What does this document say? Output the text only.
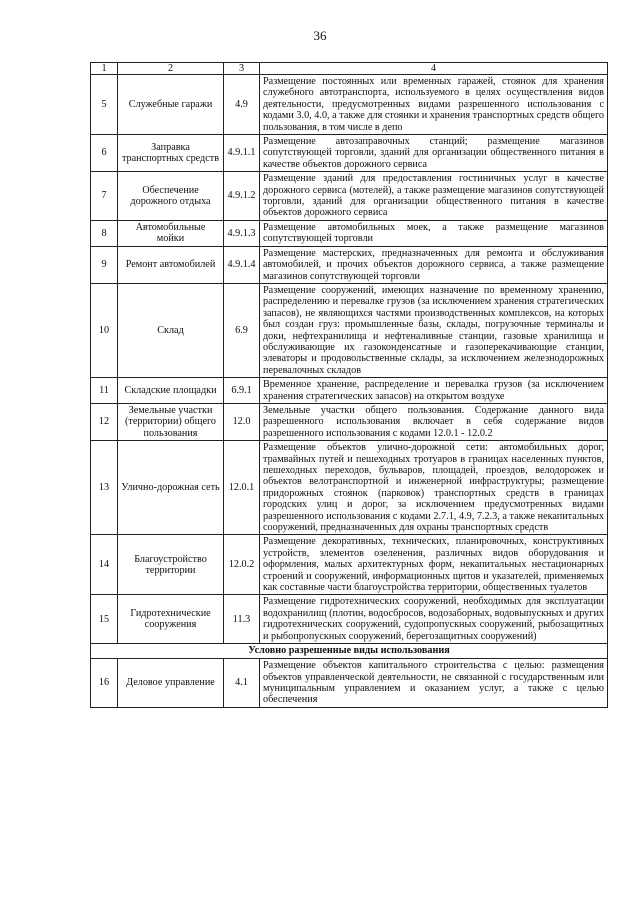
36
1	2	3	4
5	Служебные гаражи	4.9	Размещение постоянных или временных гаражей, стоянок для хранения служебного автотранспорта, используемого в целях осуществления видов деятельности, предусмотренных видами разрешенного использования с кодами 3.0, 4.0, а также для стоянки и хранения транспортных средств общего пользования, в том числе в депо
6	Заправка транспортных средств	4.9.1.1	Размещение автозаправочных станций; размещение магазинов сопутствующей торговли, зданий для организации общественного питания в качестве объектов дорожного сервиса
7	Обеспечение дорожного отдыха	4.9.1.2	Размещение зданий для предоставления гостиничных услуг в качестве дорожного сервиса (мотелей), а также размещение магазинов сопутствующей торговли, зданий для организации общественного питания в качестве объектов дорожного сервиса
8	Автомобильные мойки	4.9.1.3	Размещение автомобильных моек, а также размещение магазинов сопутствующей торговли
9	Ремонт автомобилей	4.9.1.4	Размещение мастерских, предназначенных для ремонта и обслуживания автомобилей, и прочих объектов дорожного сервиса, а также размещение магазинов сопутствующей торговли
10	Склад	6.9	Размещение сооружений, имеющих назначение по временному хранению, распределению и перевалке грузов (за исключением хранения стратегических запасов), не являющихся частями производственных комплексов, на которых был создан груз: промышленные базы, склады, погрузочные терминалы и доки, нефтехранилища и нефтеналивные станции, газовые хранилища и обслуживающие их газоконденсатные и газоперекачивающие станции, элеваторы и продовольственные склады, за исключением железнодорожных перевалочных складов
11	Складские площадки	6.9.1	Временное хранение, распределение и перевалка грузов (за исключением хранения стратегических запасов) на открытом воздухе
12	Земельные участки (территории) общего пользования	12.0	Земельные участки общего пользования. Содержание данного вида разрешенного использования включает в себя содержание видов разрешенного использования с кодами 12.0.1 - 12.0.2
13	Улично-дорожная сеть	12.0.1	Размещение объектов улично-дорожной сети: автомобильных дорог, трамвайных путей и пешеходных тротуаров в границах населенных пунктов, пешеходных переходов, бульваров, площадей, проездов, велодорожек и объектов велотранспортной и инженерной инфраструктуры; размещение придорожных стоянок (парковок) транспортных средств в границах городских улиц и дорог, за исключением предусмотренных видами разрешенного использования с кодами 2.7.1, 4.9, 7.2.3, а также некапитальных сооружений, предназначенных для охраны транспортных средств
14	Благоустройство территории	12.0.2	Размещение декоративных, технических, планировочных, конструктивных устройств, элементов озеленения, различных видов оборудования и оформления, малых архитектурных форм, некапитальных нестационарных строений и сооружений, информационных щитов и указателей, применяемых как составные части благоустройства территории, общественных туалетов
15	Гидротехнические сооружения	11.3	Размещение гидротехнических сооружений, необходимых для эксплуатации водохранилищ (плотин, водосбросов, водозаборных, водовыпускных и других гидротехнических сооружений, судопропускных сооружений, рыбозащитных и рыбопропускных сооружений, берегозащитных сооружений)
Условно разрешенные виды использования			
16	Деловое управление	4.1	Размещение объектов капитального строительства с целью: размещения объектов управленческой деятельности, не связанной с государственным или муниципальным управлением и оказанием услуг, а также с целью обеспечения
